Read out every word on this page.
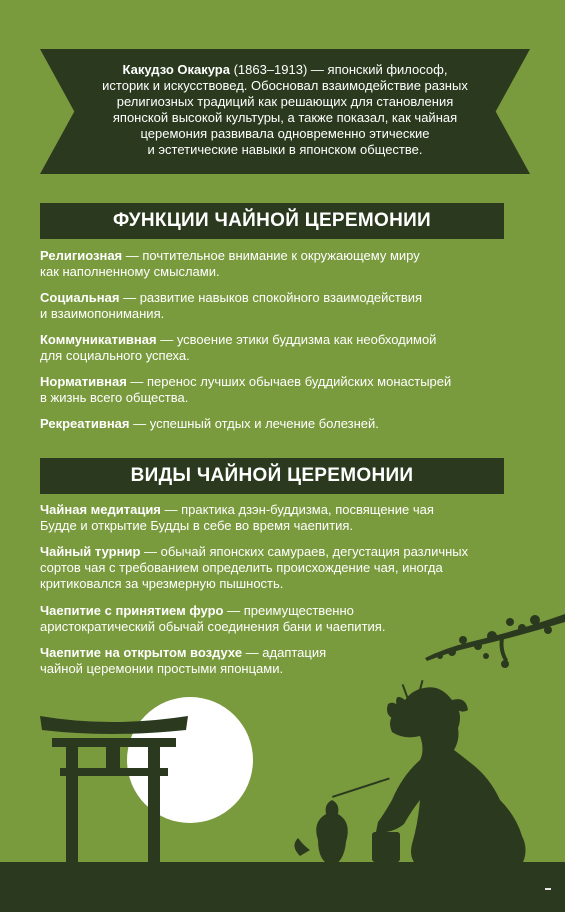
Какудзо Окакура (1863–1913) — японский философ,
историк и искусствовед. Обосновал взаимодействие разных
религиозных традиций как решающих для становления
японской высокой культуры, а также показал, как чайная
церемония развивала одновременно этические
и эстетические навыки в японском обществе.
ФУНКЦИИ ЧАЙНОЙ ЦЕРЕМОНИИ
Религиозная — почтительное внимание к окружающему миру
как наполненному смыслами.
Социальная — развитие навыков спокойного взаимодействия
и взаимопонимания.
Коммуникативная — усвоение этики буддизма как необходимой
для социального успеха.
Нормативная — перенос лучших обычаев буддийских монастырей
в жизнь всего общества.
Рекреативная — успешный отдых и лечение болезней.
ВИДЫ ЧАЙНОЙ ЦЕРЕМОНИИ
Чайная медитация — практика дзэн-буддизма, посвящение чая
Будде и открытие Будды в себе во время чаепития.
Чайный турнир — обычай японских самураев, дегустация различных
сортов чая с требованием определить происхождение чая, иногда
критиковался за чрезмерную пышность.
Чаепитие с принятием фуро — преимущественно
аристократический обычай соединения бани и чаепития.
Чаепитие на открытом воздухе — адаптация
чайной церемонии простыми японцами.
